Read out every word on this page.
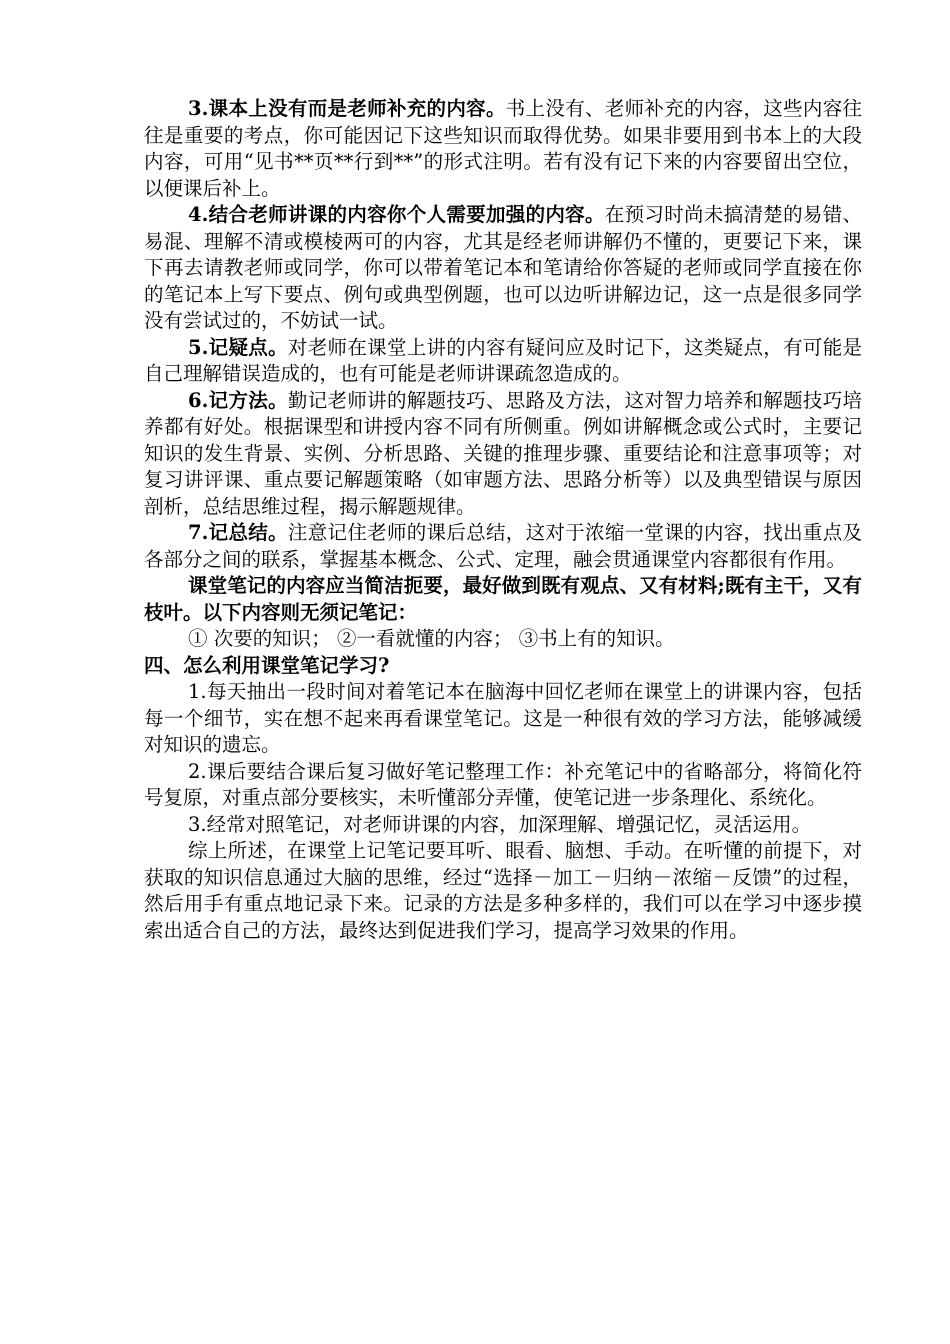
3.课本上没有而是老师补充的内容。书上没有、老师补充的内容，这些内容往往是重要的考点，你可能因记下这些知识而取得优势。如果非要用到书本上的大段内容，可用“见书**页**行到**”的形式注明。若有没有记下来的内容要留出空位，以便课后补上。

4.结合老师讲课的内容你个人需要加强的内容。在预习时尚未搞清楚的易错、易混、理解不清或模棱两可的内容，尤其是经老师讲解仍不懂的，更要记下来，课下再去请教老师或同学，你可以带着笔记本和笔请给你答疑的老师或同学直接在你的笔记本上写下要点、例句或典型例题，也可以边听讲解边记，这一点是很多同学没有尝试过的，不妨试一试。

5.记疑点。对老师在课堂上讲的内容有疑问应及时记下，这类疑点，有可能是自己理解错误造成的，也有可能是老师讲课疏忽造成的。

6.记方法。勤记老师讲的解题技巧、思路及方法，这对智力培养和解题技巧培养都有好处。根据课型和讲授内容不同有所侧重。例如讲解概念或公式时，主要记知识的发生背景、实例、分析思路、关键的推理步骤、重要结论和注意事项等；对复习讲评课、重点要记解题策略（如审题方法、思路分析等）以及典型错误与原因剖析，总结思维过程，揭示解题规律。

7.记总结。注意记住老师的课后总结，这对于浓缩一堂课的内容，找出重点及各部分之间的联系，掌握基本概念、公式、定理，融会贯通课堂内容都很有作用。

课堂笔记的内容应当简洁扼要，最好做到既有观点、又有材料;既有主干，又有枝叶。以下内容则无须记笔记：

① 次要的知识； ②一看就懂的内容； ③书上有的知识。

四、怎么利用课堂笔记学习?

1.每天抽出一段时间对着笔记本在脑海中回忆老师在课堂上的讲课内容，包括每一个细节，实在想不起来再看课堂笔记。这是一种很有效的学习方法，能够减缓对知识的遗忘。

2.课后要结合课后复习做好笔记整理工作：补充笔记中的省略部分，将简化符号复原，对重点部分要核实，未听懂部分弄懂，使笔记进一步条理化、系统化。

3.经常对照笔记，对老师讲课的内容，加深理解、增强记忆，灵活运用。

综上所述，在课堂上记笔记要耳听、眼看、脑想、手动。在听懂的前提下，对获取的知识信息通过大脑的思维，经过“选择－加工－归纳－浓缩－反馈”的过程，然后用手有重点地记录下来。记录的方法是多种多样的，我们可以在学习中逐步摸索出适合自己的方法，最终达到促进我们学习，提高学习效果的作用。
